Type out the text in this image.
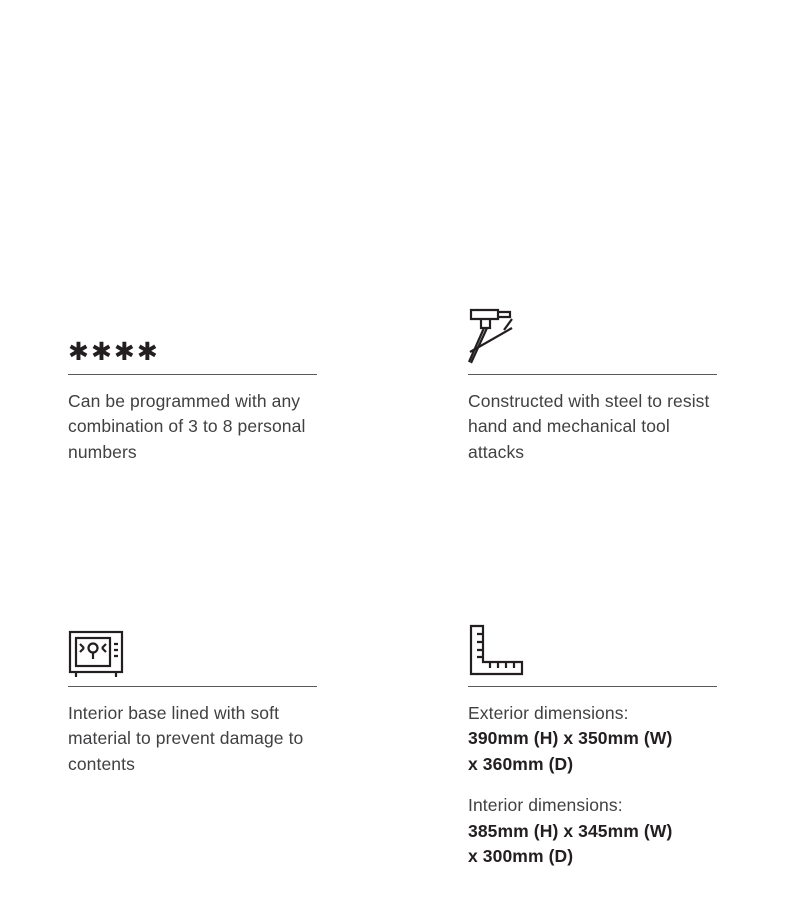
✱✱✱✱
Can be programmed with any combination of 3 to 8 personal numbers
Constructed with steel to resist hand and mechanical tool attacks
Interior base lined with soft material to prevent damage to contents
Exterior dimensions:
390mm (H) x 350mm (W)
x 360mm (D)
Interior dimensions:
385mm (H) x 345mm (W)
x 300mm (D)
